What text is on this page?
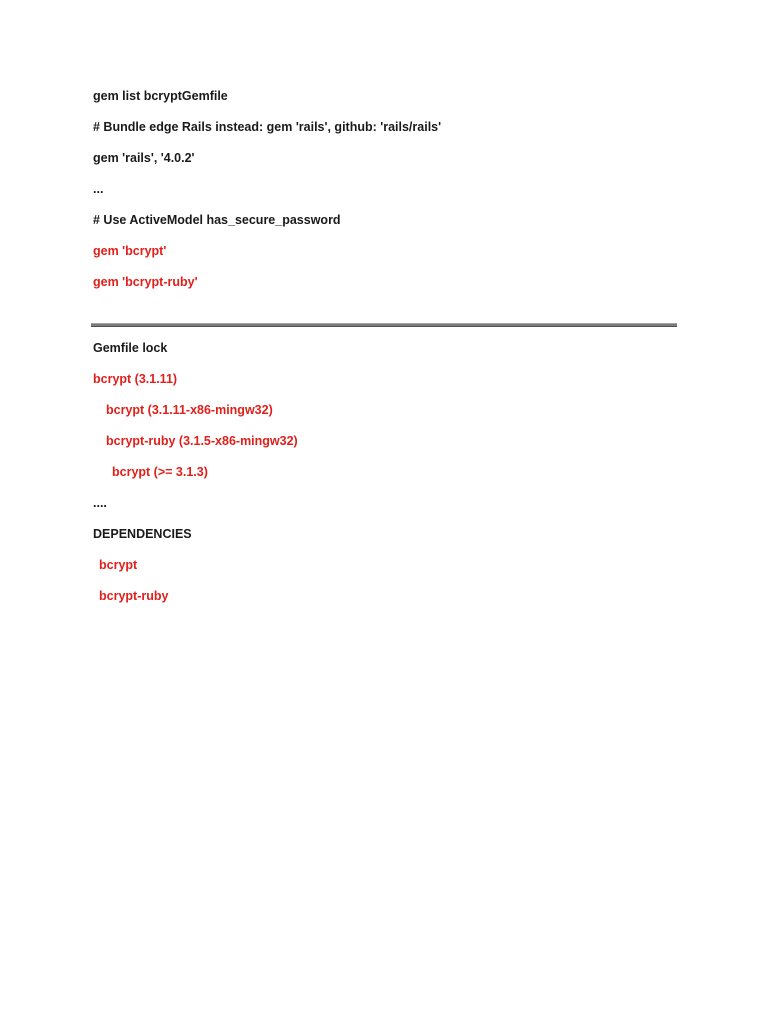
gem list bcryptGemfile
# Bundle edge Rails instead: gem 'rails', github: 'rails/rails'
gem 'rails', '4.0.2'
...
# Use ActiveModel has_secure_password
gem 'bcrypt'
gem 'bcrypt-ruby'
Gemfile lock
bcrypt (3.1.11)
bcrypt (3.1.11-x86-mingw32)
bcrypt-ruby (3.1.5-x86-mingw32)
bcrypt (>= 3.1.3)
....
DEPENDENCIES
bcrypt
bcrypt-ruby
